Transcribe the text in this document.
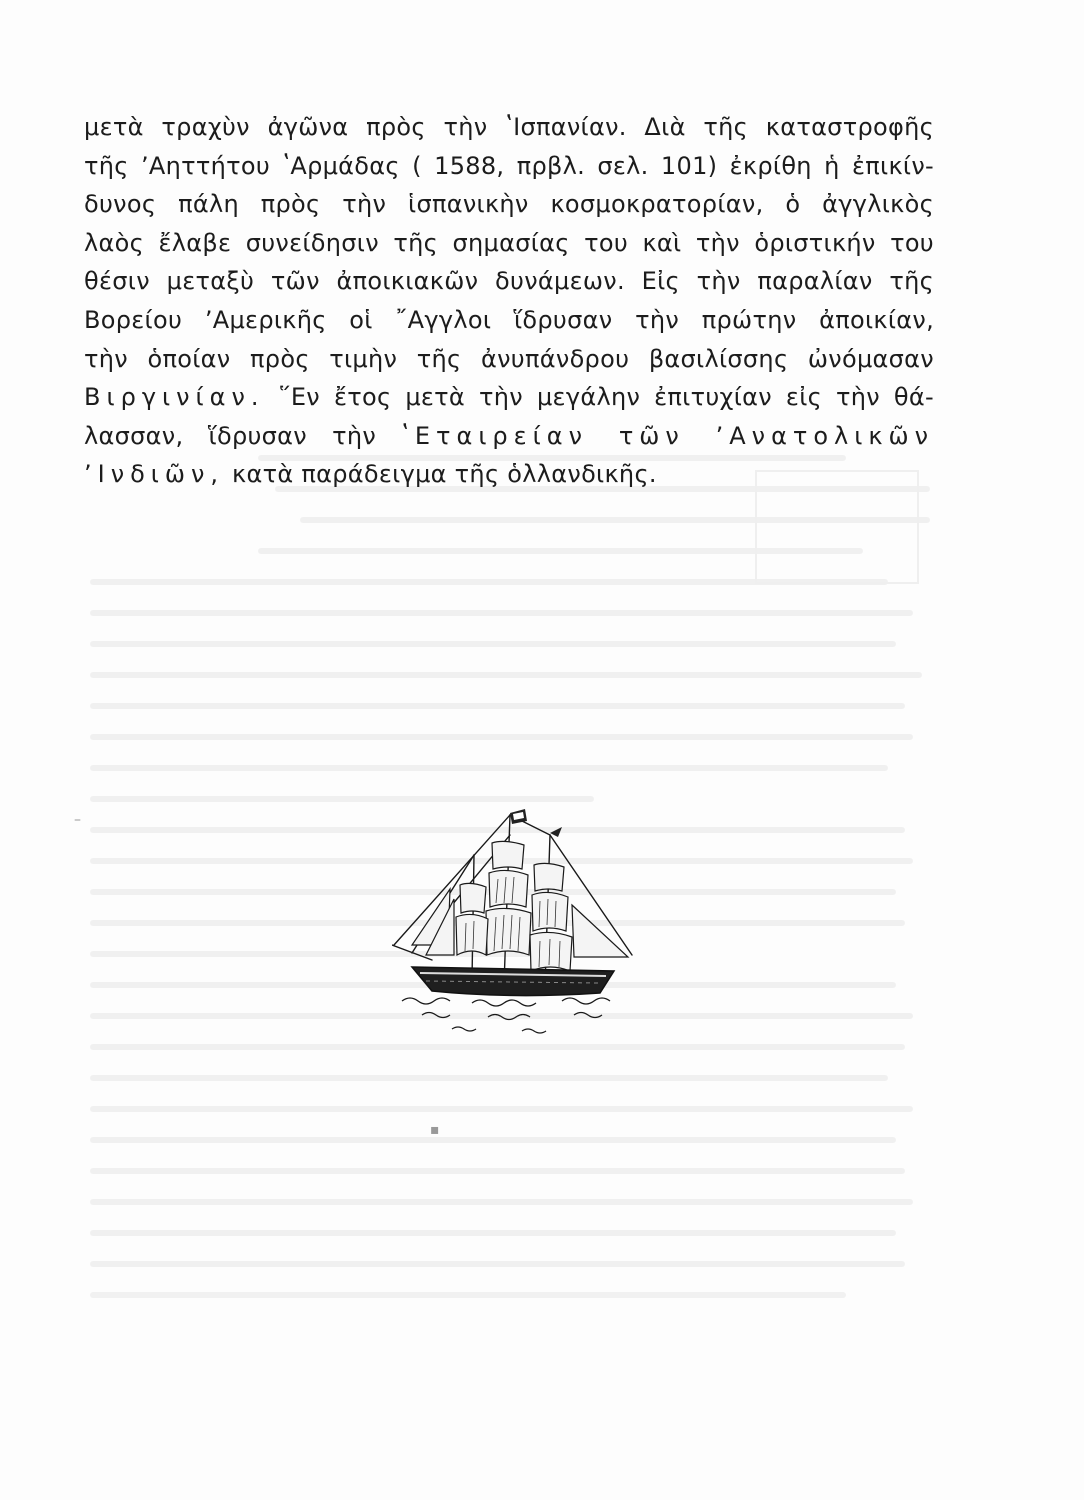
μετὰ τραχὺν ἀγῶνα πρὸς τὴν ʽΙσπανίαν. Διὰ τῆς καταστροφῆς
τῆς ʼΑηττήτου ʽΑρμάδας ( 1588, πρβλ. σελ. 101) ἐκρίθη ἡ ἐπικίν-
δυνος πάλη πρὸς τὴν ἱσπανικὴν κοσμοκρατορίαν, ὁ ἀγγλικὸς
λαὸς ἔλαβε συνείδησιν τῆς σημασίας του καὶ τὴν ὁριστικήν του
θέσιν μεταξὺ τῶν ἀποικιακῶν δυνάμεων. Εἰς τὴν παραλίαν τῆς
Βορείου ʼΑμερικῆς οἱ ῎Αγγλοι ἵδρυσαν τὴν πρώτην ἀποικίαν,
τὴν ὁποίαν πρὸς τιμὴν τῆς ἀνυπάνδρου βασιλίσσης ὠνόμασαν
Βιργινίαν. ῞Εν ἔτος μετὰ τὴν μεγάλην ἐπιτυχίαν εἰς τὴν θά-
λασσαν, ἵδρυσαν τὴν ʽΕταιρείαν τῶν ʼΑνατολικῶν
ʼΙνδιῶν, κατὰ παράδειγμα τῆς ὁλλανδικῆς.
–
▪
